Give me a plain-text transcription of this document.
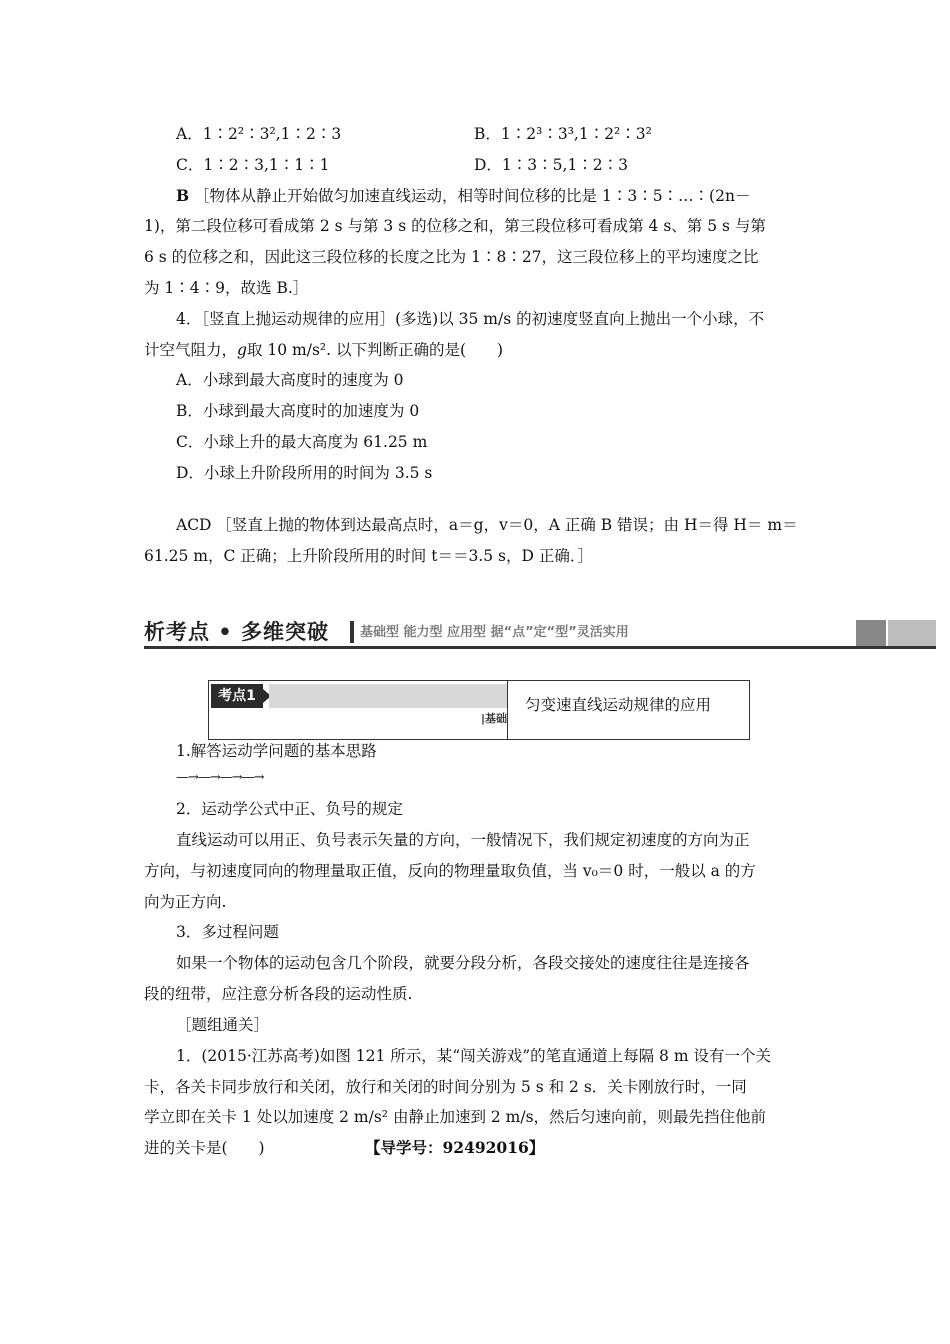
A．1∶2²∶3²,1∶2∶3	B．1∶2³∶3³,1∶2²∶3²
C．1∶2∶3,1∶1∶1	D．1∶3∶5,1∶2∶3
B ［物体从静止开始做匀加速直线运动，相等时间位移的比是 1∶3∶5∶…∶(2n－
1)，第二段位移可看成第 2 s 与第 3 s 的位移之和，第三段位移可看成第 4 s、第 5 s 与第
6 s 的位移之和，因此这三段位移的长度之比为 1∶8∶27，这三段位移上的平均速度之比
为 1∶4∶9，故选 B.］
4．［竖直上抛运动规律的应用］(多选)以 35 m/s 的初速度竖直向上抛出一个小球，不
计空气阻力，g取 10 m/s². 以下判断正确的是(　　)
A．小球到最大高度时的速度为 0
B．小球到最大高度时的加速度为 0
C．小球上升的最大高度为 61.25 m
D．小球上升阶段所用的时间为 3.5 s
ACD ［竖直上抛的物体到达最高点时，a＝g，v＝0，A 正确 B 错误；由 H＝得 H＝ m＝
61.25 m，C 正确；上升阶段所用的时间 t＝＝3.5 s，D 正确．］
析考点 • 多维突破 基础型 能力型 应用型 据“点”定“型”灵活实用
考点1
|基础
匀变速直线运动规律的应用
1.解答运动学问题的基本思路
—→—→—→—→
2．运动学公式中正、负号的规定
直线运动可以用正、负号表示矢量的方向，一般情况下，我们规定初速度的方向为正
方向，与初速度同向的物理量取正值，反向的物理量取负值，当 v₀＝0 时，一般以 a 的方
向为正方向.
3．多过程问题
如果一个物体的运动包含几个阶段，就要分段分析，各段交接处的速度往往是连接各
段的纽带，应注意分析各段的运动性质.
［题组通关］
1．(2015·江苏高考)如图 121 所示，某“闯关游戏”的笔直通道上每隔 8 m 设有一个关
卡，各关卡同步放行和关闭，放行和关闭的时间分别为 5 s 和 2 s．关卡刚放行时，一同
学立即在关卡 1 处以加速度 2 m/s² 由静止加速到 2 m/s，然后匀速向前，则最先挡住他前
进的关卡是(　　)	【导学号：92492016】
